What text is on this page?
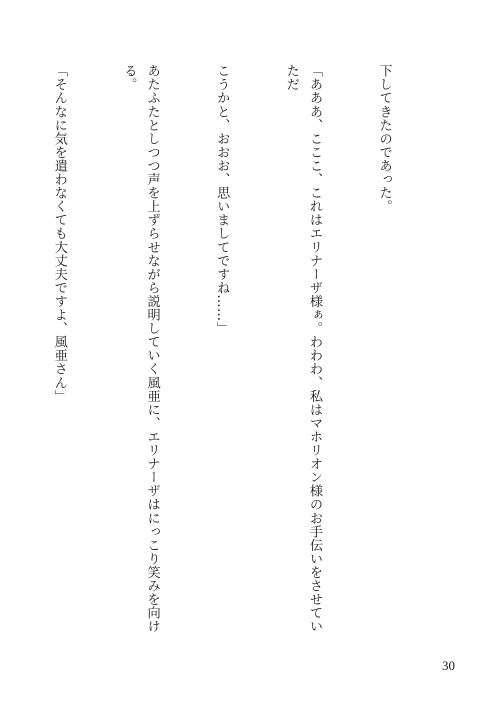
下してきたのであった。

「あああ、こここ、これはエリナーザ様ぁ。わわわ、私はマホリオン様のお手伝いをさせていただ

こうかと、おおお、思いましてですね……」

あたふたとしつつ声を上ずらせながら説明していく風亜に、エリナーザはにっこり笑みを向ける。

「そんなに気を遣わなくても大丈夫ですよ、風亜さん」

30
